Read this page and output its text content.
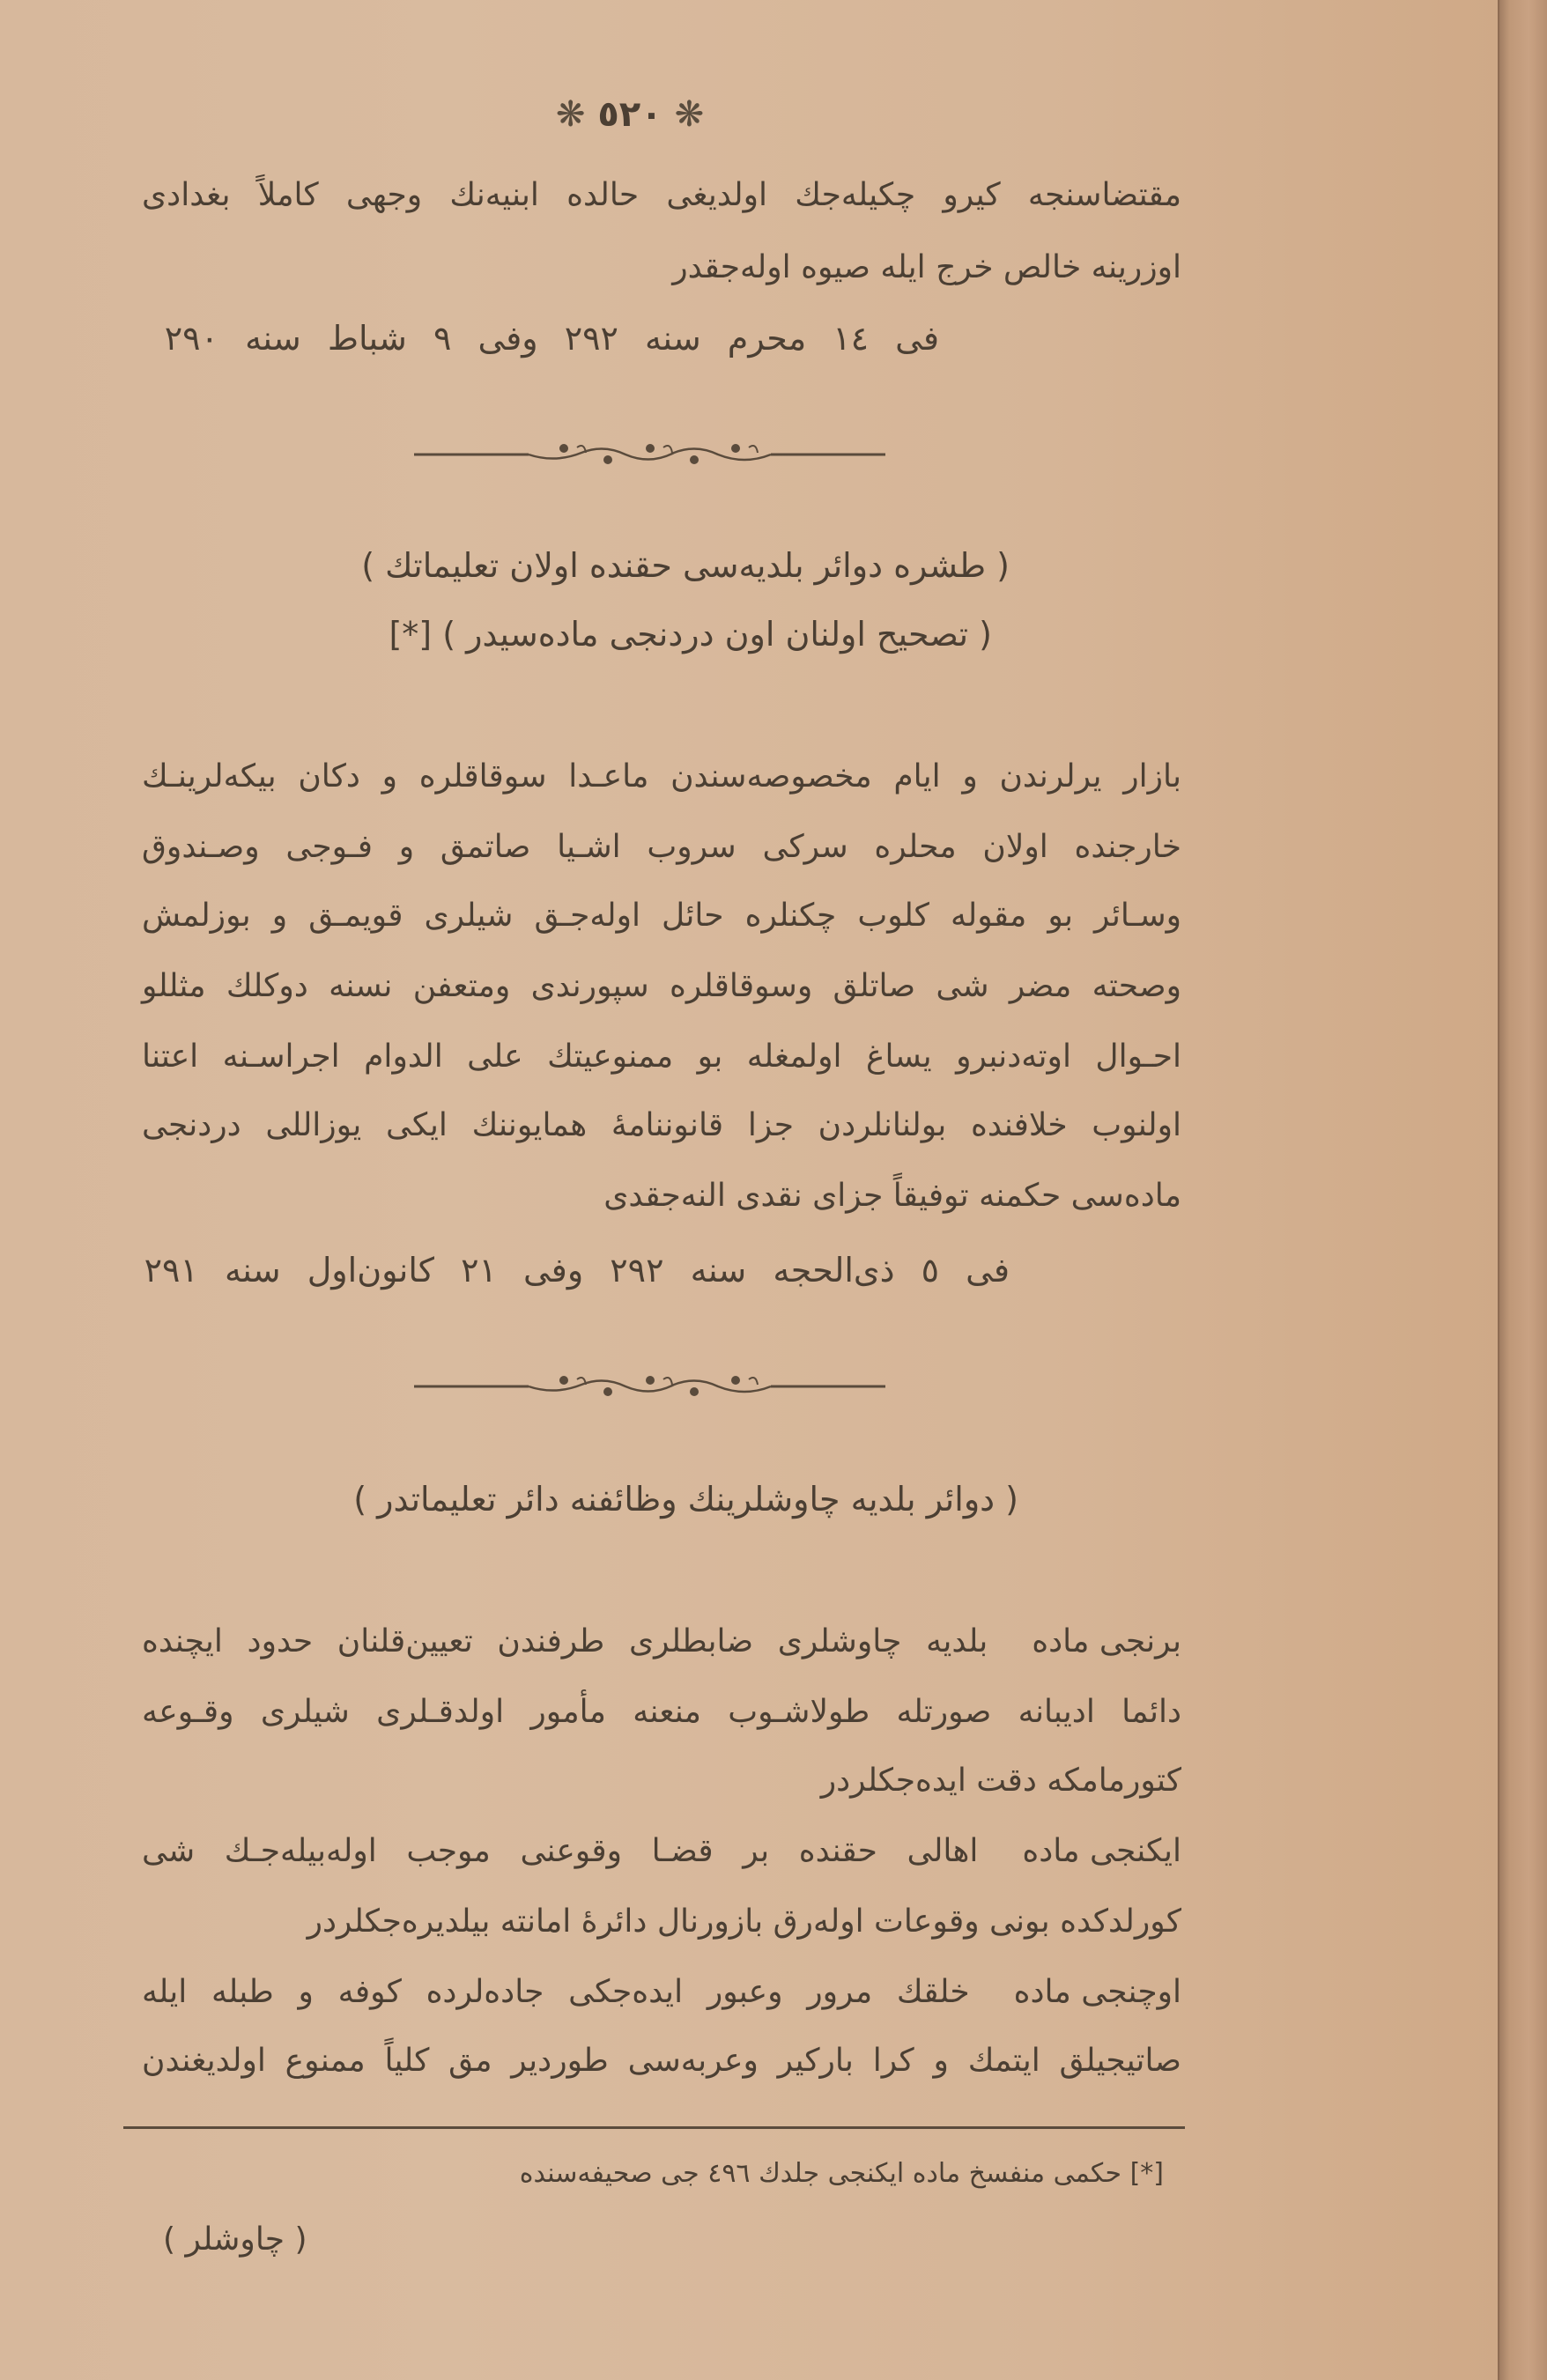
❋ ٥٢٠ ❋
مقتضاسنجه كيرو چكيله‌جك اولديغى حالده ابنيه‌نك وجهى كاملاً بغدادى
اوزرينه خالص خرج ايله صيوه اوله‌جقدر
فى ١٤ محرم سنه ٢٩٢ وفى ٩ شباط سنه ٢٩٠
( طشره دوائر بلديه‌سى حقنده اولان تعليماتك )
( تصحيح اولنان اون دردنجى ماده‌سيدر ) [*]
بازار يرلرندن و ايام مخصوصه‌سندن ماعـدا سوقاقلره و دكان بيكه‌لرينـك
خارجنده اولان محلره سركى سروب اشـيا صاتمق و فـوجى وصـندوق
وسـائر بو مقوله كلوب چكنلره حائل اوله‌جـق شيلرى قويمـق و بوزلمش
وصحته مضر شى صاتلق وسوقاقلره سپورندى ومتعفن نسنه دوكلك مثللو
احـوال اوته‌دنبرو يساغ اولمغله بو ممنوعيتك على الدوام اجراسـنه اعتنا
اولنوب خلافنده بولنانلردن جزا قانوننامهٔ همايوننك ايكى يوزاللى دردنجى
ماده‌سى حكمنه توفيقاً جزاى نقدى النه‌جقدى
فى ٥ ذى‌الحجه سنه ٢٩٢ وفى ٢١ كانون‌اول سنه ٢٩١
( دوائر بلديه چاوشلرينك وظائفنه دائر تعليماتدر )
برنجى مادهبلديه چاوشلرى ضابطلرى طرفندن تعيين‌قلنان حدود ايچنده
دائما اديبانه صورتله طولاشـوب منعنه مأمور اولدقـلرى شيلرى وقـوعه
كتورمامكه دقت ايده‌جكلردر
ايكنجى مادهاهالى حقنده بر قضـا وقوعنى موجب اوله‌بيله‌جـك شى
كورلدكده بونى وقوعات اوله‌رق بازورنال دائرهٔ امانته بيلديره‌جكلردر
اوچنجى مادهخلقك مرور وعبور ايده‌جكى جاده‌لرده كوفه و طبله ايله
صاتيجيلق ايتمك و كرا باركير وعربه‌سى طوردير مق كلياً ممنوع اولديغندن
[*] حكمى منفسخ ماده ايكنجى جلدك ٤٩٦ جى صحيفه‌سنده
( چاوشلر )
